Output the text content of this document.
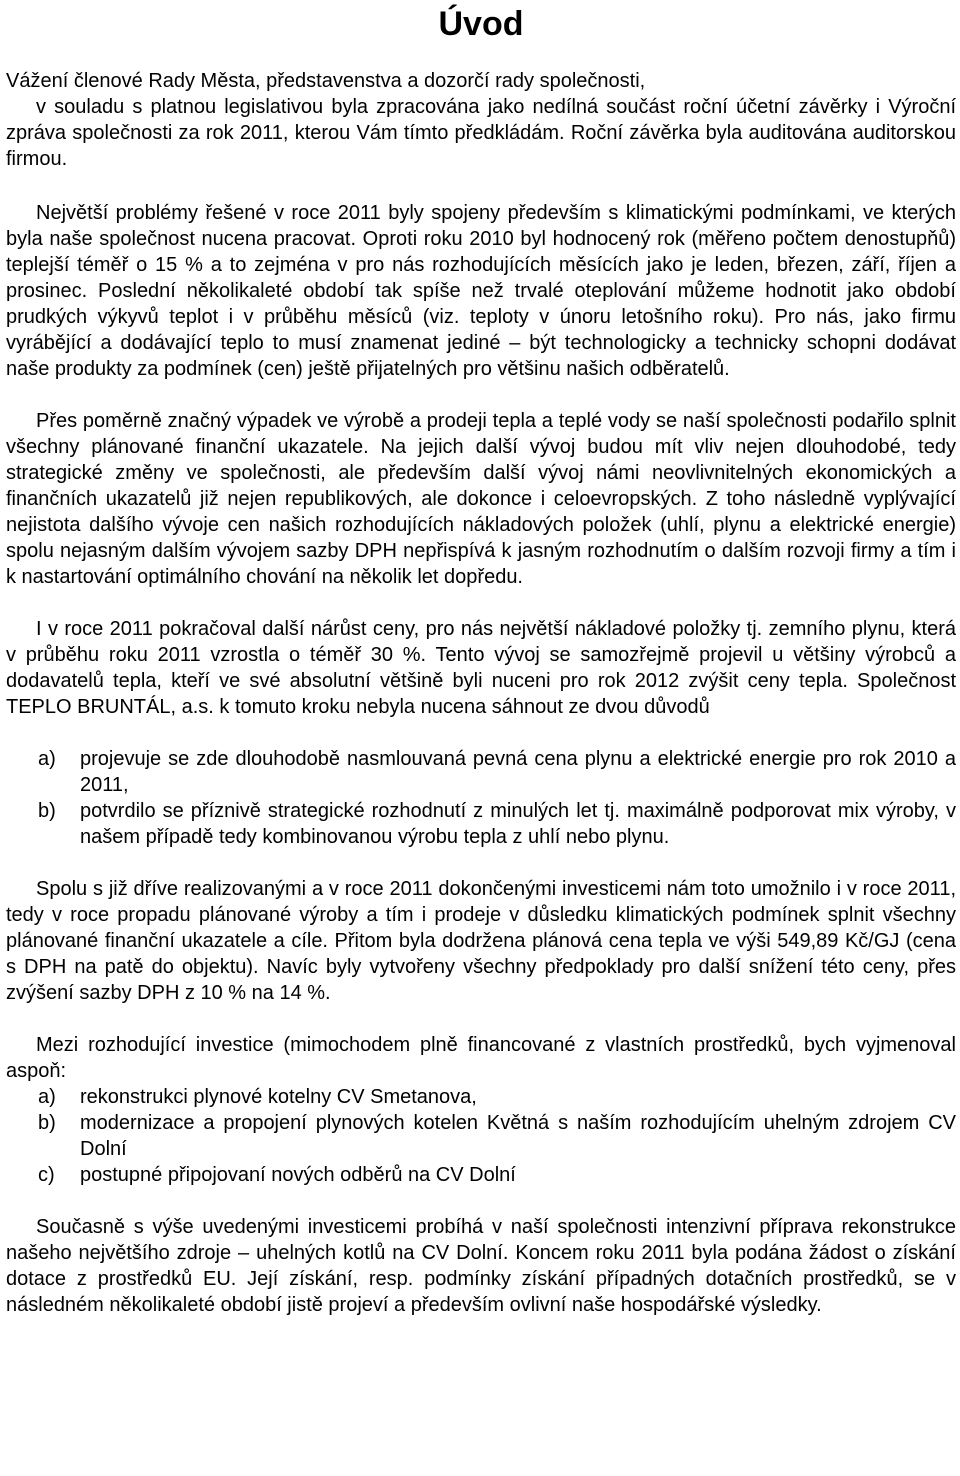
Úvod

Vážení členové Rady Města, představenstva a dozorčí rady společnosti,

v souladu s platnou legislativou byla zpracována jako nedílná součást roční účetní závěrky i Výroční zpráva společnosti za rok 2011, kterou Vám tímto předkládám. Roční závěrka byla auditována auditorskou firmou.

Největší problémy řešené v roce 2011 byly spojeny především s klimatickými podmínkami, ve kterých byla naše společnost nucena pracovat. Oproti roku 2010 byl hodnocený rok (měřeno počtem denostupňů) teplejší téměř o 15 % a to zejména v pro nás rozhodujících měsících jako je leden, březen, září, říjen a prosinec. Poslední několikaleté období tak spíše než trvalé oteplování můžeme hodnotit jako období prudkých výkyvů teplot i v průběhu měsíců (viz. teploty v únoru letošního roku). Pro nás, jako firmu vyrábějící a dodávající teplo to musí znamenat jediné – být technologicky a technicky schopni dodávat naše produkty za podmínek (cen) ještě přijatelných pro většinu našich odběratelů.

Přes poměrně značný výpadek ve výrobě a prodeji tepla a teplé vody se naší společnosti podařilo splnit všechny plánované finanční ukazatele. Na jejich další vývoj budou mít vliv nejen dlouhodobé, tedy strategické změny ve společnosti, ale především další vývoj námi neovlivnitelných ekonomických a finančních ukazatelů již nejen republikových, ale dokonce i celoevropských. Z toho následně vyplývající nejistota dalšího vývoje cen našich rozhodujících nákladových položek (uhlí, plynu a elektrické energie) spolu nejasným dalším vývojem sazby DPH nepřispívá k jasným rozhodnutím o dalším rozvoji firmy a tím i k nastartování optimálního chování na několik let dopředu.

I v roce 2011 pokračoval další nárůst ceny, pro nás největší nákladové položky tj. zemního plynu, která v průběhu roku 2011 vzrostla o téměř 30 %. Tento vývoj se samozřejmě projevil u většiny výrobců a dodavatelů tepla, kteří ve své absolutní většině byli nuceni pro rok 2012 zvýšit ceny tepla. Společnost TEPLO BRUNTÁL, a.s. k tomuto kroku nebyla nucena sáhnout ze dvou důvodů

a)	projevuje se zde dlouhodobě nasmlouvaná pevná cena plynu a elektrické energie pro rok 2010 a 2011,
b)	potvrdilo se příznivě strategické rozhodnutí z minulých let tj. maximálně podporovat mix výroby, v našem případě tedy kombinovanou výrobu tepla z uhlí nebo plynu.

Spolu s již dříve realizovanými a v roce 2011 dokončenými investicemi nám toto umožnilo i v roce 2011, tedy v roce propadu plánované výroby a tím i prodeje v důsledku klimatických podmínek splnit všechny plánované finanční ukazatele a cíle. Přitom byla dodržena plánová cena tepla ve výši 549,89 Kč/GJ (cena s DPH na patě do objektu). Navíc byly vytvořeny všechny předpoklady pro další snížení této ceny, přes zvýšení sazby DPH z 10 % na 14 %.

Mezi rozhodující investice (mimochodem plně financované z vlastních prostředků, bych vyjmenoval aspoň:

a)	rekonstrukci plynové kotelny CV Smetanova,
b)	modernizace a propojení plynových kotelen Květná s naším rozhodujícím uhelným zdrojem CV Dolní
c)	postupné připojovaní nových odběrů na CV Dolní

Současně s výše uvedenými investicemi probíhá v naší společnosti intenzivní příprava rekonstrukce našeho největšího zdroje – uhelných kotlů na CV Dolní. Koncem roku 2011 byla podána žádost o získání dotace z prostředků EU. Její získání, resp. podmínky získání případných dotačních prostředků, se v následném několikaleté období jistě projeví a především ovlivní naše hospodářské výsledky.
